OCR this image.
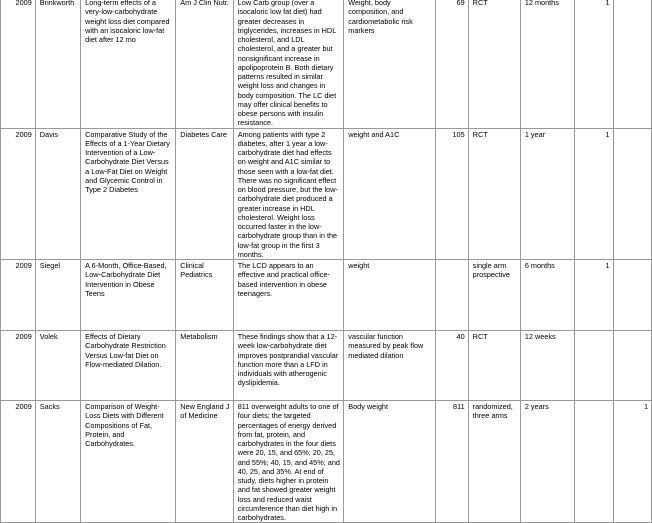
2009	Brinkworth	Long-term effects of a very-low-carbohydrate weight loss diet compared with an isocaloric low-fat diet after 12 mo	Am J Clin Nutr.	Low Carb group (over a isocaloric low fat diet) had greater decreases in triglycerides, increases in HDL cholesterol, and LDL cholesterol, and a greater but nonsignificant increase in apolipoprotein B. Both dietary patterns resulted in similar weight loss and changes in body composition. The LC diet may offer clinical benefits to obese persons with insulin resistance.	Weight, body composition, and cardiometabolic risk markers	69	RCT	12 months	1	
2009	Davis	Comparative Study of the Effects of a 1-Year Dietary Intervention of a Low-Carbohydrate Diet Versus a Low-Fat Diet on Weight and Glycemic Control in Type 2 Diabetes	Diabetes Care	Among patients with type 2 diabetes, after 1 year a low-carbohydrate diet had effects on weight and A1C similar to those seen with a low-fat diet. There was no significant effect on blood pressure, but the low-carbohydrate diet produced a greater increase in HDL cholesterol. Weight loss occurred faster in the low-carbohydrate group than in the low-fat group in the first 3 months.	weight and A1C	105	RCT	1 year	1	
2009	Siegel	A 6-Month, Office-Based, Low-Carbohydrate Diet Intervention in Obese Teens	Clinical Pediatrics	The LCD appears to an effective and practical office-based intervention in obese teenagers.	weight		single arm prospective	6 months	1	
2009	Volek	Effects of Dietary Carbohydrate Restriction Versus Low-fat Diet on Flow-mediated Dilation.	Metabolism	These findings show that a 12-week low-carbohydrate diet improves postprandial vascular function more than a LFD in individuals with atherogenic dyslipidemia.	vascular function measured by peak flow mediated dilation	40	RCT	12 weeks		
2009	Sacks	Comparison of Weight-Loss Diets with Different Compositions of Fat, Protein, and Carbohydrates.	New England J of Medicine	811 overweight adults to one of four diets; the targeted percentages of energy derived from fat, protein, and carbohydrates in the four diets were 20, 15, and 65%; 20, 25, and 55%; 40, 15, and 45%; and 40, 25, and 35%. At end of study, diets higher in protein and fat showed greater weight loss and reduced waist circumference than diet high in carbohydrates.	Body weight	811	randomized, three arms	2 years		1
